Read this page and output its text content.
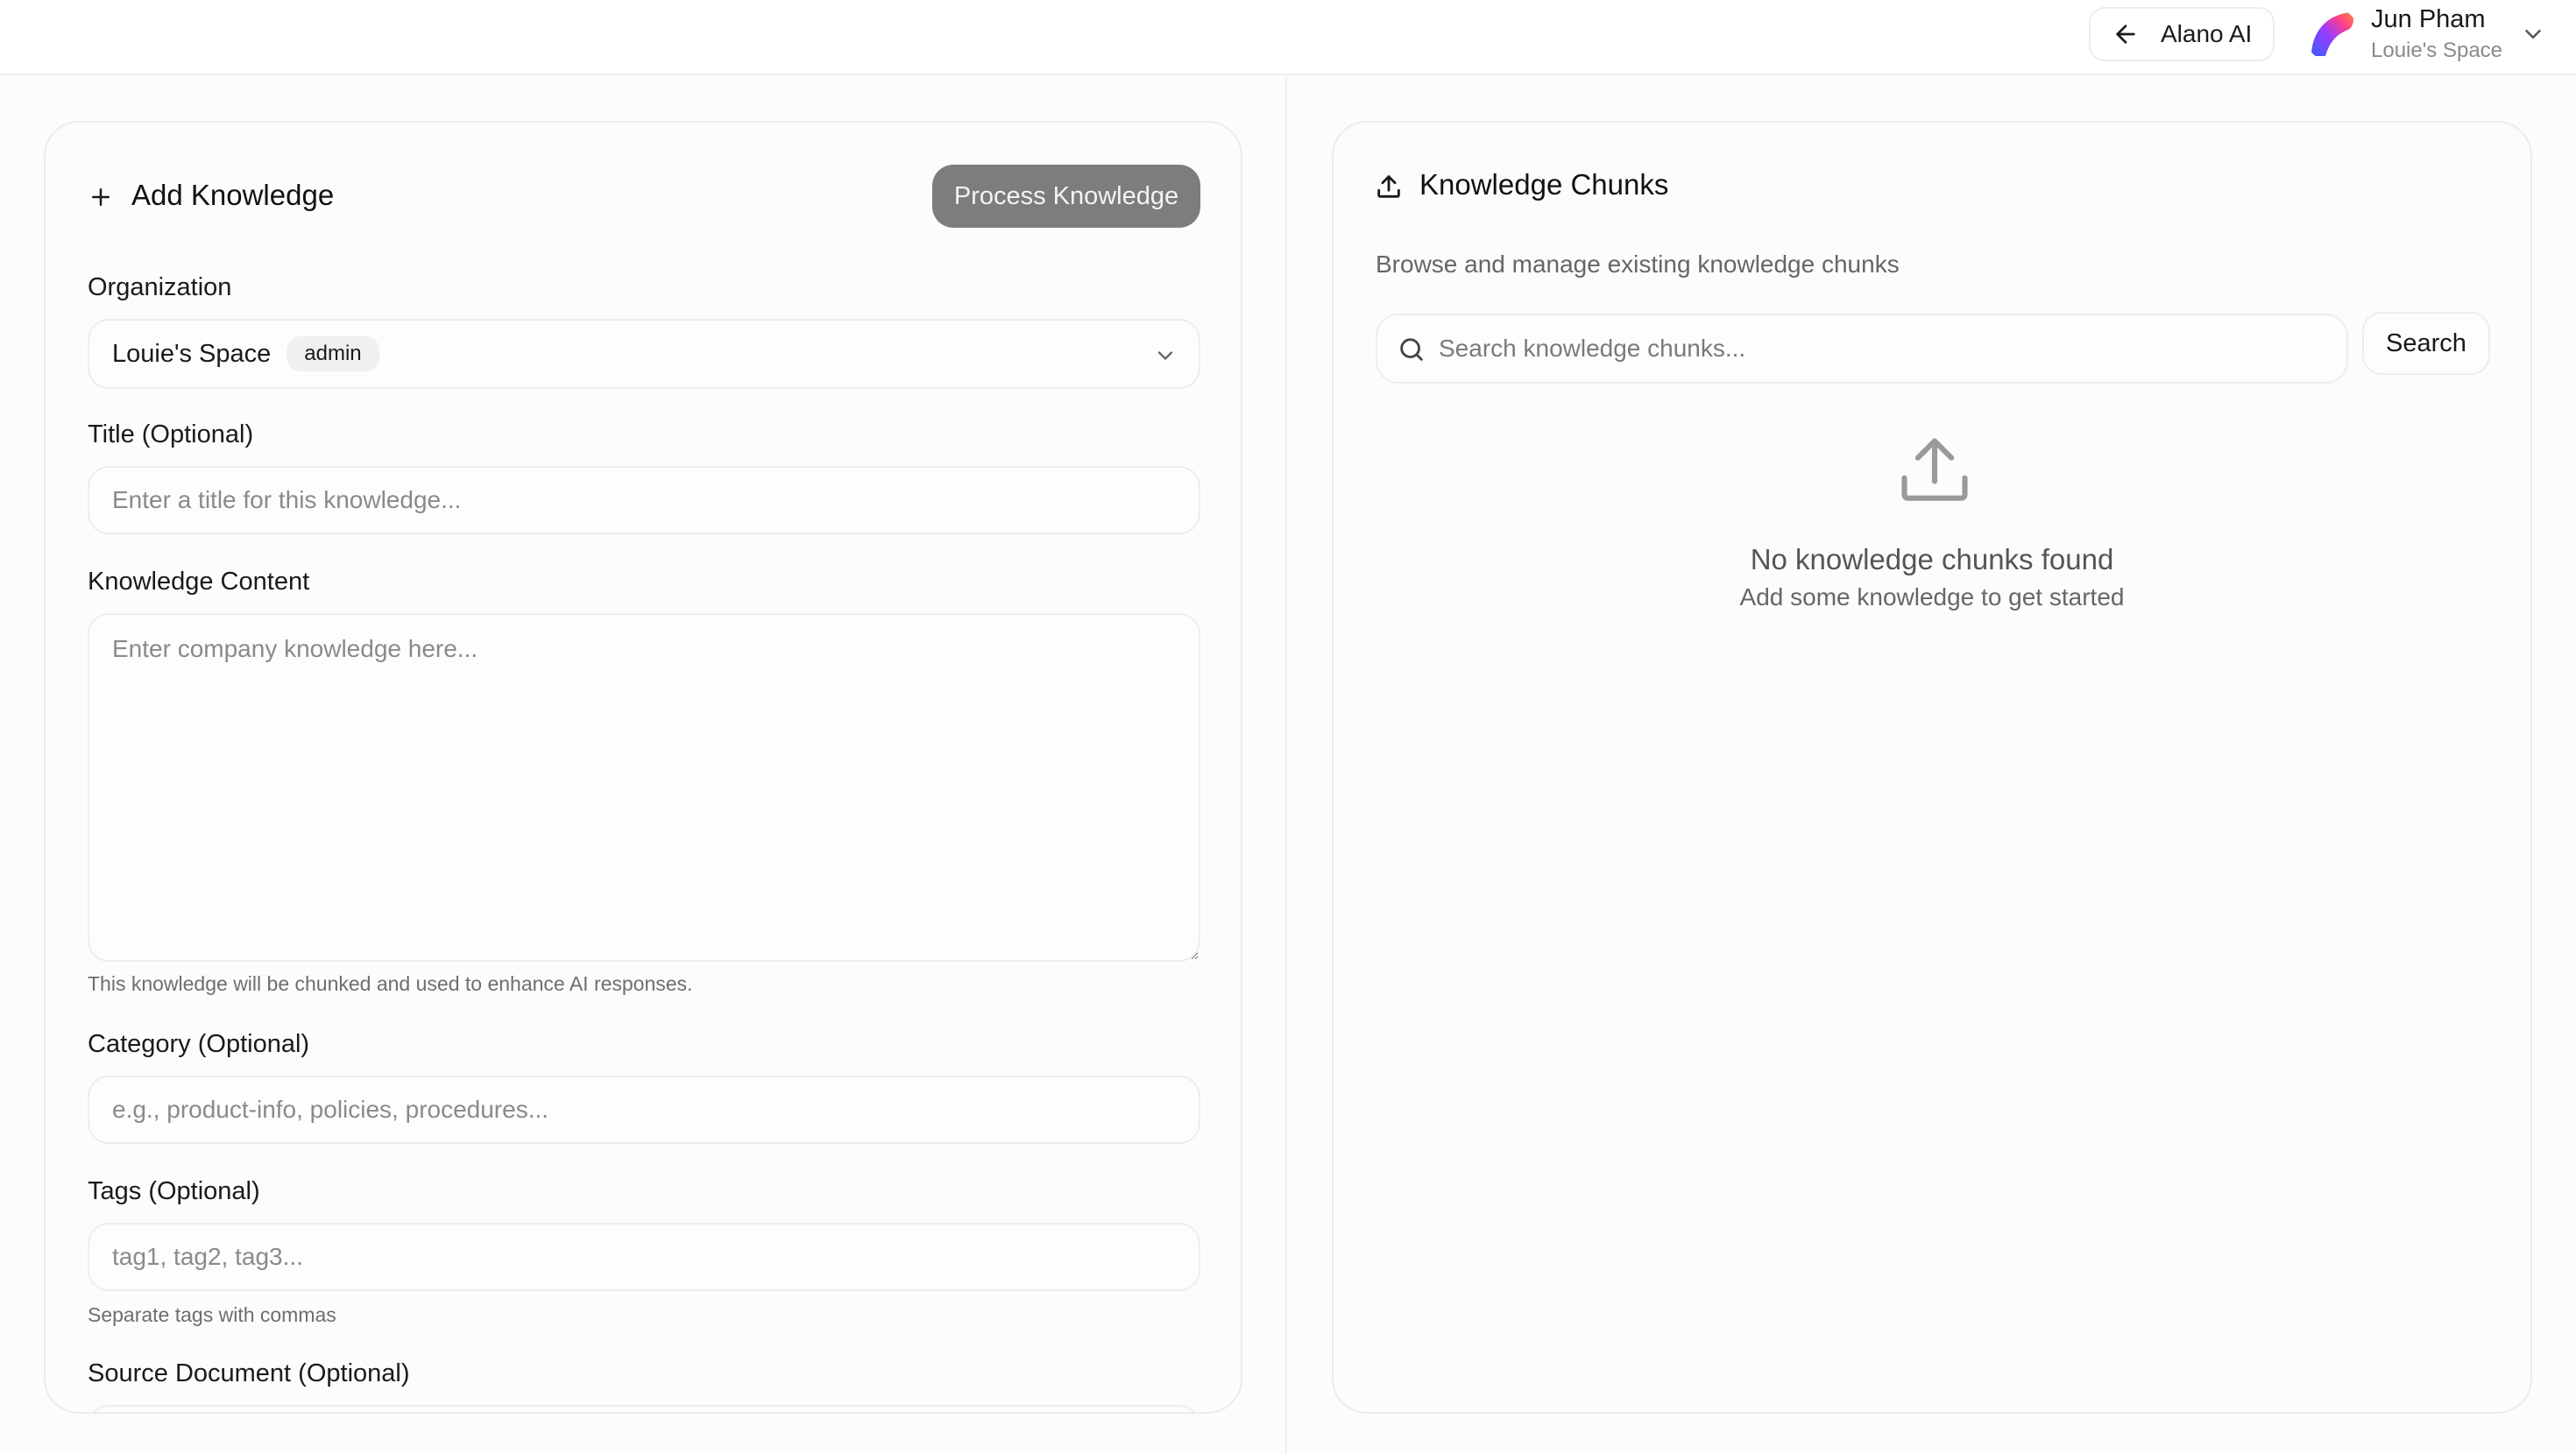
Alano AI
Jun Pham
Louie's Space
Add Knowledge	Process Knowledge
Organization
Louie's Space	admin
Title (Optional)
Enter a title for this knowledge...
Knowledge Content
Enter company knowledge here...
This knowledge will be chunked and used to enhance AI responses.
Category (Optional)
e.g., product-info, policies, procedures...
Tags (Optional)
tag1, tag2, tag3...
Separate tags with commas
Source Document (Optional)
Knowledge Chunks
Browse and manage existing knowledge chunks
Search knowledge chunks...
Search
No knowledge chunks found
Add some knowledge to get started
